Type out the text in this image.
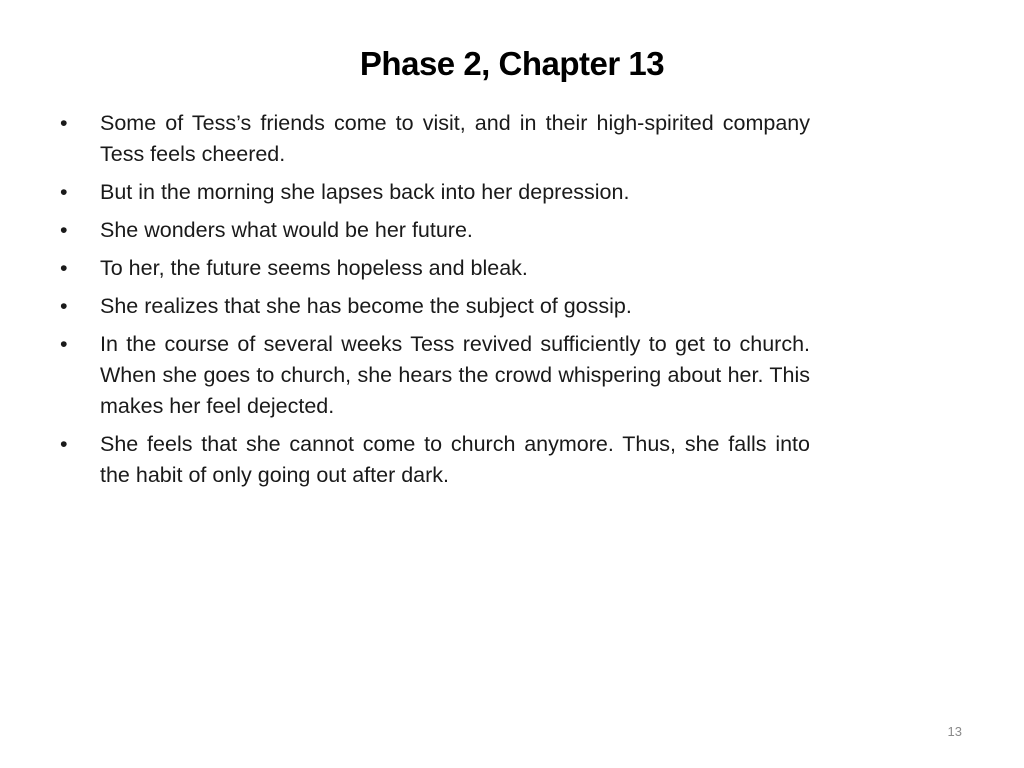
Phase 2, Chapter 13
• Some of Tess’s friends come to visit, and in their high-spirited company Tess feels cheered.
• But in the morning she lapses back into her depression.
• She wonders what would be her future.
• To her, the future seems hopeless and bleak.
• She realizes that she has become the subject of gossip.
• In the course of several weeks Tess revived sufficiently to get to church. When she goes to church, she hears the crowd whispering about her. This makes her feel dejected.
• She feels that she cannot come to church anymore. Thus, she falls into the habit of only going out after dark.
13
